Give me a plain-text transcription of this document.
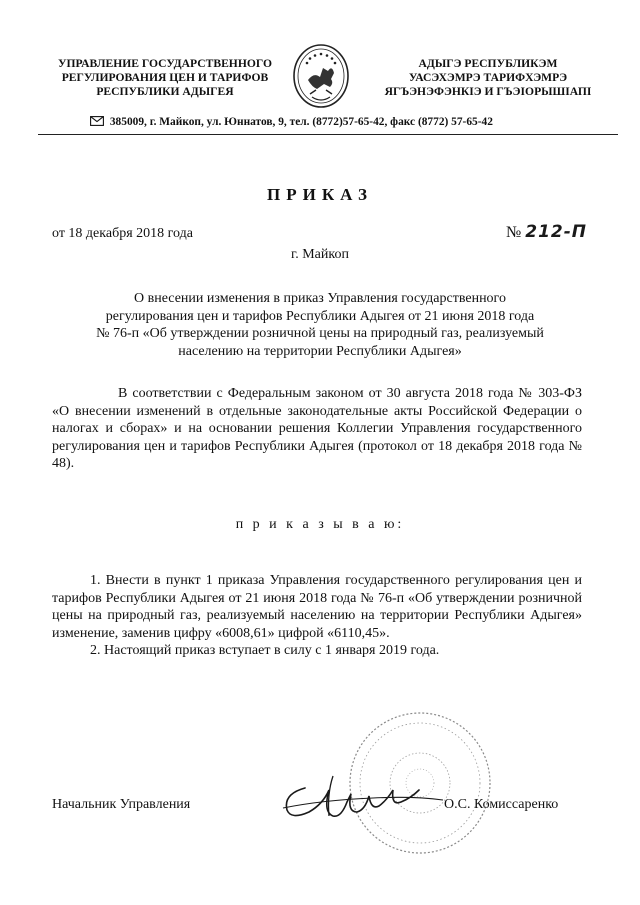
УПРАВЛЕНИЕ ГОСУДАРСТВЕННОГО
РЕГУЛИРОВАНИЯ ЦЕН И ТАРИФОВ
РЕСПУБЛИКИ АДЫГЕЯ
АДЫГЭ РЕСПУБЛИКЭМ
УАСЭХЭМРЭ ТАРИФХЭМРЭ
ЯГЪЭНЭФЭНКIЭ И ГЪЭIОРЫШIАПI
385009, г. Майкоп, ул. Юннатов, 9, тел. (8772)57-65-42, факс (8772) 57-65-42
ПРИКАЗ
от 18 декабря 2018 года	№ 212-П
г. Майкоп
О внесении изменения в приказ Управления государственного
регулирования цен и тарифов Республики Адыгея от 21 июня 2018 года
№ 76-п «Об утверждении розничной цены на природный газ, реализуемый
населению на территории Республики Адыгея»

В соответствии с Федеральным законом от 30 августа 2018 года № 303-ФЗ «О внесении изменений в отдельные законодательные акты Российской Федерации о налогах и сборах» и на основании решения Коллегии Управления государственного регулирования цен и тарифов Республики Адыгея (протокол от 18 декабря 2018 года № 48).

п р и к а з ы в а ю:

1. Внести в пункт 1 приказа Управления государственного регулирования цен и тарифов Республики Адыгея от 21 июня 2018 года № 76-п «Об утверждении розничной цены на природный газ, реализуемый населению на территории Республики Адыгея» изменение, заменив цифру «6008,61» цифрой «6110,45».

2. Настоящий приказ вступает в силу с 1 января 2019 года.

Начальник Управления	О.С. Комиссаренко
